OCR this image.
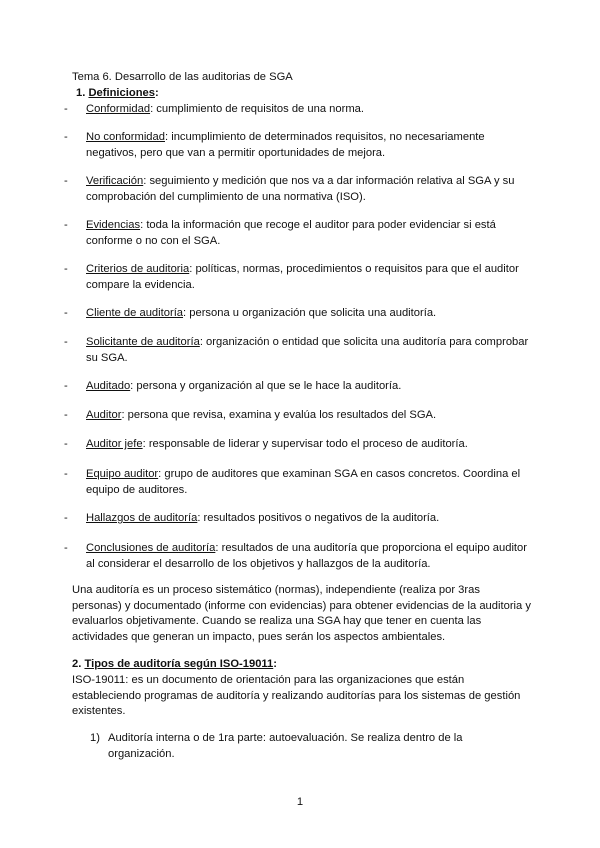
Tema 6. Desarrollo de las auditorias de SGA
1. Definiciones:
- Conformidad: cumplimiento de requisitos de una norma.
- No conformidad: incumplimiento de determinados requisitos, no necesariamente negativos, pero que van a permitir oportunidades de mejora.
- Verificación: seguimiento y medición que nos va a dar información relativa al SGA y su comprobación del cumplimiento de una normativa (ISO).
- Evidencias: toda la información que recoge el auditor para poder evidenciar si está conforme o no con el SGA.
- Criterios de auditoria: políticas, normas, procedimientos o requisitos para que el auditor compare la evidencia.
- Cliente de auditoría: persona u organización que solicita una auditoría.
- Solicitante de auditoría: organización o entidad que solicita una auditoría para comprobar su SGA.
- Auditado: persona y organización al que se le hace la auditoría.
- Auditor: persona que revisa, examina y evalúa los resultados del SGA.
- Auditor jefe: responsable de liderar y supervisar todo el proceso de auditoría.
- Equipo auditor: grupo de auditores que examinan SGA en casos concretos. Coordina el equipo de auditores.
- Hallazgos de auditoría: resultados positivos o negativos de la auditoría.
- Conclusiones de auditoría: resultados de una auditoría que proporciona el equipo auditor al considerar el desarrollo de los objetivos y hallazgos de la auditoría.
Una auditoría es un proceso sistemático (normas), independiente (realiza por 3ras personas) y documentado (informe con evidencias) para obtener evidencias de la auditoria y evaluarlos objetivamente. Cuando se realiza una SGA hay que tener en cuenta las actividades que generan un impacto, pues serán los aspectos ambientales.
2. Tipos de auditoría según ISO-19011:
ISO-19011: es un documento de orientación para las organizaciones que están estableciendo programas de auditoría y realizando auditorías para los sistemas de gestión existentes.
1) Auditoría interna o de 1ra parte: autoevaluación. Se realiza dentro de la organización.
1
